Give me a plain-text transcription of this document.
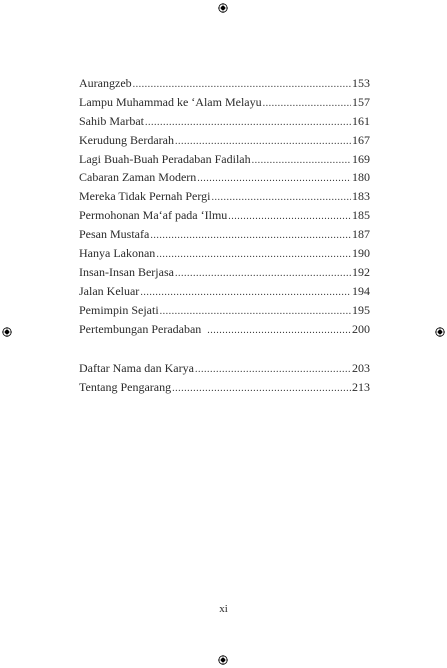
Aurangzeb .....	153
Lampu Muhammad ke ‘Alam Melayu .....	157
Sahib Marbat .....	161
Kerudung Berdarah .....	167
Lagi Buah-Buah Peradaban Fadilah .....	169
Cabaran Zaman Modern .....	180
Mereka Tidak Pernah Pergi .....	183
Permohonan Ma‘af pada ‘Ilmu .....	185
Pesan Mustafa .....	187
Hanya Lakonan .....	190
Insan-Insan Berjasa .....	192
Jalan Keluar .....	194
Pemimpin Sejati .....	195
Pertembungan Peradaban .....	200
Daftar Nama dan Karya .....	203
Tentang Pengarang .....	213
xi
